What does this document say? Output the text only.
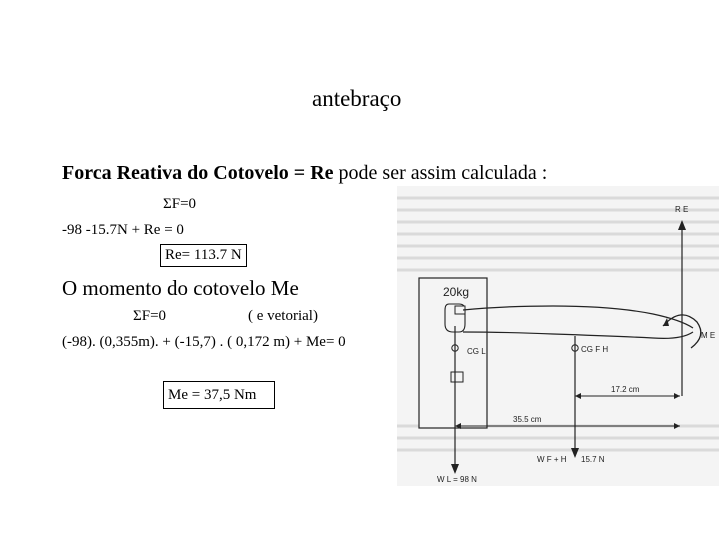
antebraço
Forca Reativa do Cotovelo = Re pode ser assim calculada :
ΣF=0
-98 -15.7N + Re = 0
Re= 113.7 N
O momento do cotovelo Me
ΣF=0	( e vetorial)
(-98). (0,355m). + (-15,7) . ( 0,172 m) + Me= 0
Me = 37,5 Nm
20kg
M E
R E
CG L
W L = 98 N
CG F H
W F + H 15.7 N
17.2 cm
35.5 cm
